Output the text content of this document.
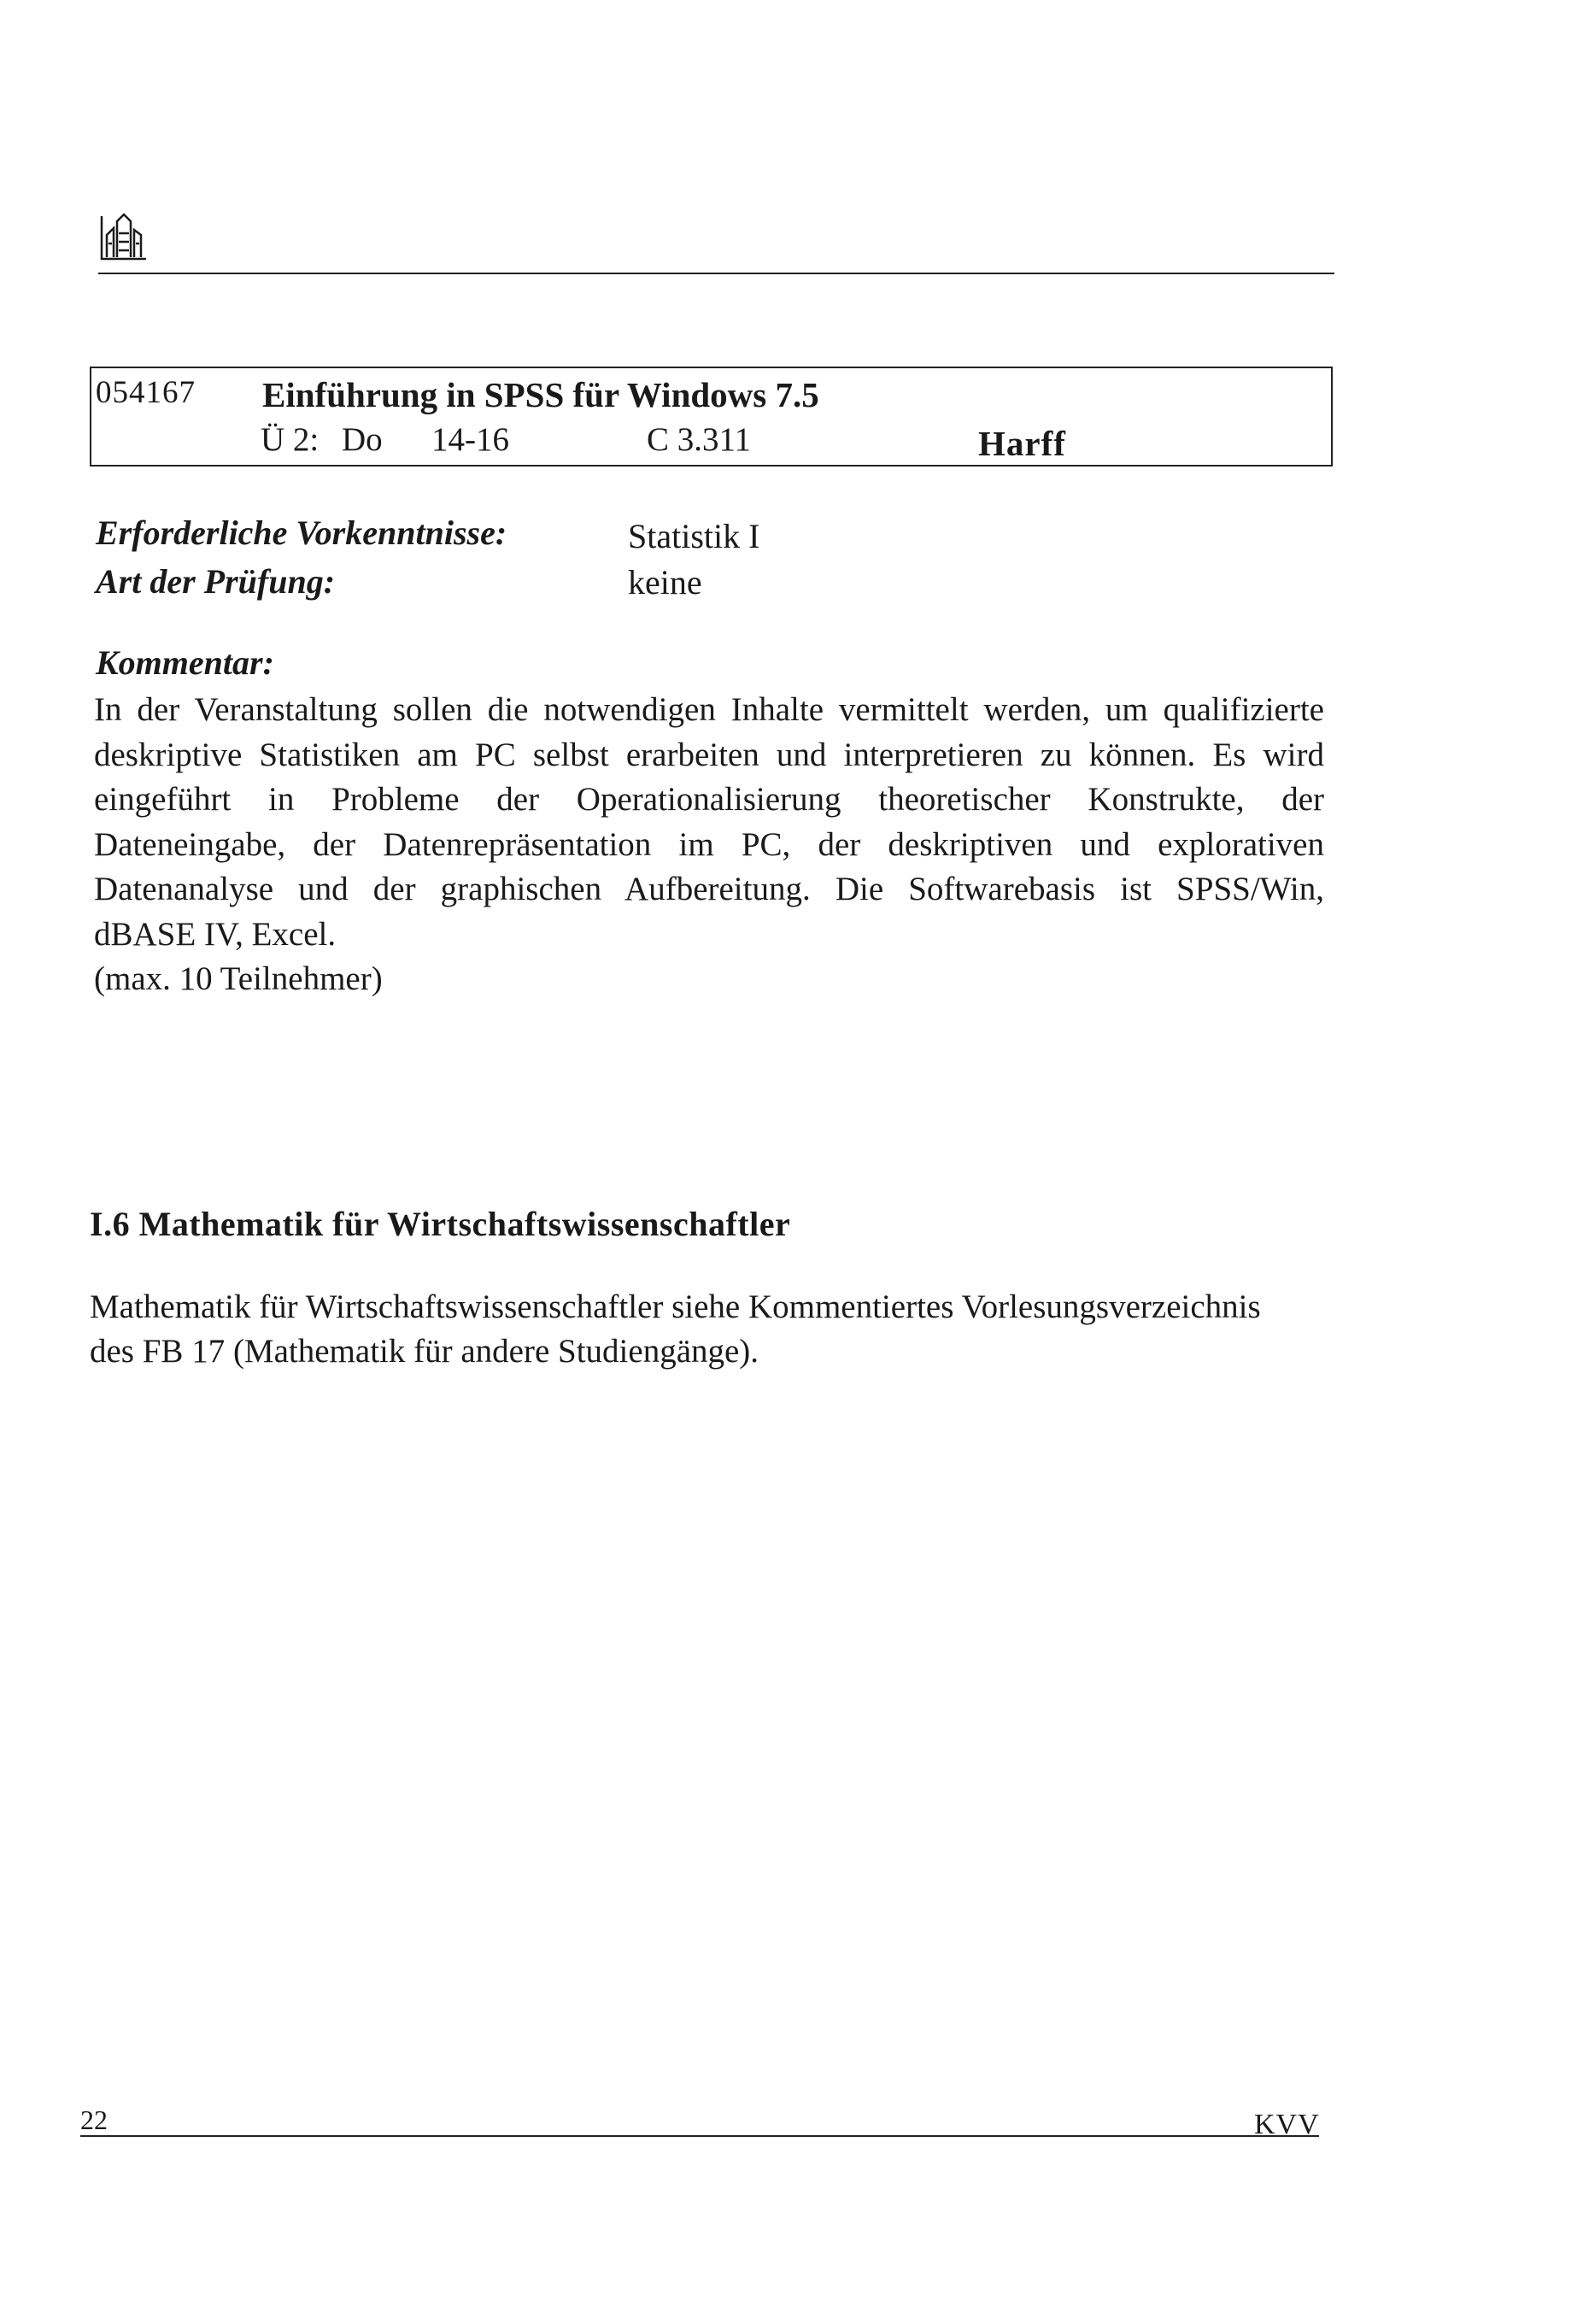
054167 Einführung in SPSS für Windows 7.5
Ü 2: Do 14-16	C 3.311	Harff
Erforderliche Vorkenntnisse:	Statistik I
Art der Prüfung:	keine
Kommentar:
In der Veranstaltung sollen die notwendigen Inhalte vermittelt werden, um qualifizierte
deskriptive Statistiken am PC selbst erarbeiten und interpretieren zu können. Es wird
eingeführt in Probleme der Operationalisierung theoretischer Konstrukte, der
Dateneingabe, der Datenrepräsentation im PC, der deskriptiven und explorativen
Datenanalyse und der graphischen Aufbereitung. Die Softwarebasis ist SPSS/Win,
dBASE IV, Excel.
(max. 10 Teilnehmer)
I.6 Mathematik für Wirtschaftswissenschaftler
Mathematik für Wirtschaftswissenschaftler siehe Kommentiertes Vorlesungsverzeichnis
des FB 17 (Mathematik für andere Studiengänge).
22	KVV
